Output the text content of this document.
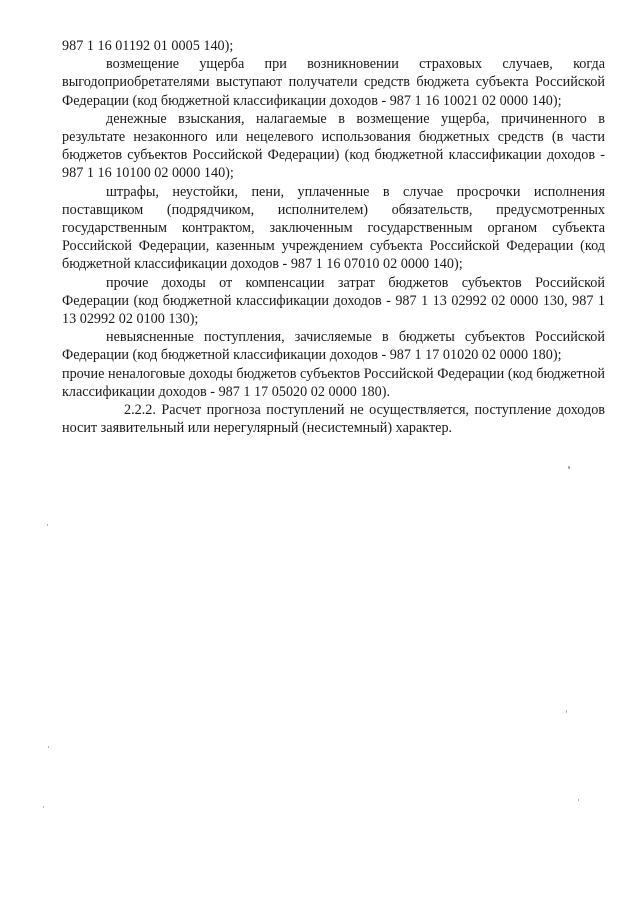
987 1 16 01192 01 0005 140);

возмещение ущерба при возникновении страховых случаев, когда выгодоприобретателями выступают получатели средств бюджета субъекта Российской Федерации (код бюджетной классификации доходов - 987 1 16 10021 02 0000 140);

денежные взыскания, налагаемые в возмещение ущерба, причиненного в результате незаконного или нецелевого использования бюджетных средств (в части бюджетов субъектов Российской Федерации) (код бюджетной классификации доходов - 987 1 16 10100 02 0000 140);

штрафы, неустойки, пени, уплаченные в случае просрочки исполнения поставщиком (подрядчиком, исполнителем) обязательств, предусмотренных государственным контрактом, заключенным государственным органом субъекта Российской Федерации, казенным учреждением субъекта Российской Федерации (код бюджетной классификации доходов - 987 1 16 07010 02 0000 140);

прочие доходы от компенсации затрат бюджетов субъектов Российской Федерации (код бюджетной классификации доходов - 987 1 13 02992 02 0000 130, 987 1 13 02992 02 0100 130);

невыясненные поступления, зачисляемые в бюджеты субъектов Российской Федерации (код бюджетной классификации доходов - 987 1 17 01020 02 0000 180);

прочие неналоговые доходы бюджетов субъектов Российской Федерации (код бюджетной классификации доходов - 987 1 17 05020 02 0000 180).

2.2.2. Расчет прогноза поступлений не осуществляется, поступление доходов носит заявительный или нерегулярный (несистемный) характер.
